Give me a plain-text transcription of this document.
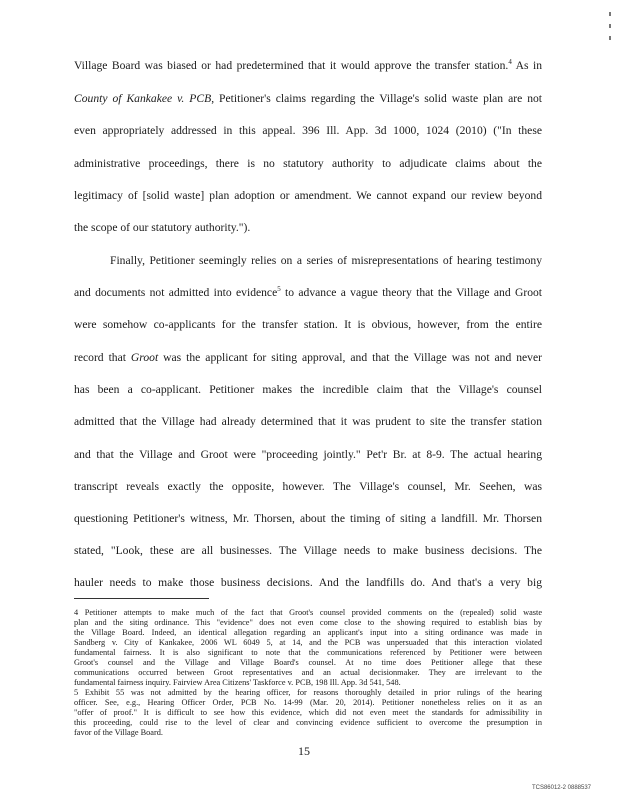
Village Board was biased or had predetermined that it would approve the transfer station.$^4$ As in
County of Kankakee v. PCB, Petitioner's claims regarding the Village's solid waste plan are not
even appropriately addressed in this appeal. 396 Ill. App. 3d 1000, 1024 (2010) ("In these
administrative proceedings, there is no statutory authority to adjudicate claims about the
legitimacy of [solid waste] plan adoption or amendment. We cannot expand our review beyond
the scope of our statutory authority.").
Finally, Petitioner seemingly relies on a series of misrepresentations of hearing testimony
and documents not admitted into evidence$^5$ to advance a vague theory that the Village and Groot
were somehow co-applicants for the transfer station. It is obvious, however, from the entire
record that Groot was the applicant for siting approval, and that the Village was not and never
has been a co-applicant. Petitioner makes the incredible claim that the Village's counsel
admitted that the Village had already determined that it was prudent to site the transfer station
and that the Village and Groot were "proceeding jointly." Pet'r Br. at 8-9. The actual hearing
transcript reveals exactly the opposite, however. The Village's counsel, Mr. Seehen, was
questioning Petitioner's witness, Mr. Thorsen, about the timing of siting a landfill. Mr. Thorsen
stated, "Look, these are all businesses. The Village needs to make business decisions. The
hauler needs to make those business decisions. And the landfills do. And that's a very big
4 Petitioner attempts to make much of the fact that Groot's counsel provided comments on the (repealed) solid waste
plan and the siting ordinance. This "evidence" does not even come close to the showing required to establish bias by
the Village Board. Indeed, an identical allegation regarding an applicant's input into a siting ordinance was made in
Sandberg v. City of Kankakee, 2006 WL 6049 5, at 14, and the PCB was unpersuaded that this interaction violated
fundamental fairness. It is also significant to note that the communications referenced by Petitioner were between
Groot's counsel and the Village and Village Board's counsel. At no time does Petitioner allege that these
communications occurred between Groot representatives and an actual decisionmaker. They are irrelevant to the
fundamental fairness inquiry. Fairview Area Citizens' Taskforce v. PCB, 198 Ill. App. 3d 541, 548.
5 Exhibit 55 was not admitted by the hearing officer, for reasons thoroughly detailed in prior rulings of the hearing
officer. See, e.g., Hearing Officer Order, PCB No. 14-99 (Mar. 20, 2014). Petitioner nonetheless relies on it as an
"offer of proof." It is difficult to see how this evidence, which did not even meet the standards for admissibility in
this proceeding, could rise to the level of clear and convincing evidence sufficient to overcome the presumption in
favor of the Village Board.
15
TCS86012-2 0888537
